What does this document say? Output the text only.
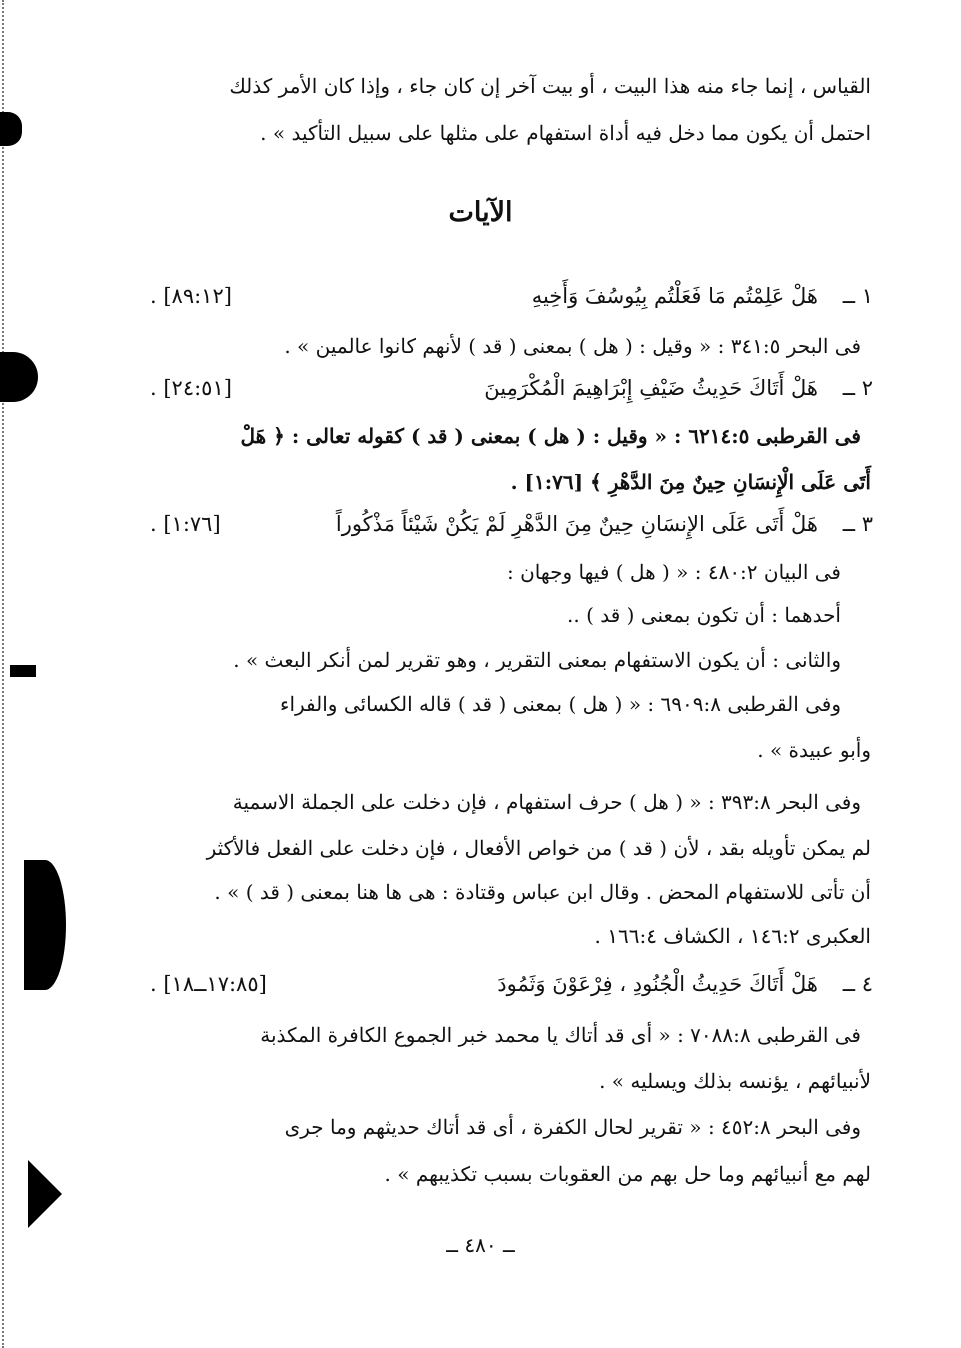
القياس ، إنما جاء منه هذا البيت ، أو بيت آخر إن كان جاء ، وإذا كان الأمر كذلك
احتمل أن يكون مما دخل فيه أداة استفهام على مثلها على سبيل التأكيد » .
الآيات
١ ــ
هَلْ عَلِمْتُم مَا فَعَلْتُم بِيُوسُفَ وَأَخِيهِ
. [٨٩:١٢]
فى البحر ٣٤١:٥ : « وقيل : ( هل ) بمعنى ( قد ) لأنهم كانوا عالمين » .
٢ ــ
هَلْ أَتَاكَ حَدِيثُ ضَيْفِ إِبْرَاهِيمَ الْمُكْرَمِينَ
. [٢٤:٥١]
فى القرطبى ٦٢١٤:٥ : « وقيل : ( هل ) بمعنى ( قد ) كقوله تعالى : ﴿ هَلْ
أَتَى عَلَى الْإِنسَانِ حِينٌ مِنَ الدَّهْرِ ﴾ [١:٧٦] .
٣ ــ
هَلْ أَتَى عَلَى الإِنسَانِ حِينٌ مِنَ الدَّهْرِ لَمْ يَكُنْ شَيْئاً مَذْكُوراً
. [١:٧٦]
فى البيان ٤٨٠:٢ : « ( هل ) فيها وجهان :
أحدهما : أن تكون بمعنى ( قد ) ..
والثانى : أن يكون الاستفهام بمعنى التقرير ، وهو تقرير لمن أنكر البعث » .
وفى القرطبى ٦٩٠٩:٨ : « ( هل ) بمعنى ( قد ) قاله الكسائى والفراء
وأبو عبيدة » .
وفى البحر ٣٩٣:٨ : « ( هل ) حرف استفهام ، فإن دخلت على الجملة الاسمية
لم يمكن تأويله بقد ، لأن ( قد ) من خواص الأفعال ، فإن دخلت على الفعل فالأكثر
أن تأتى للاستفهام المحض . وقال ابن عباس وقتادة : هى ها هنا بمعنى ( قد ) » .
العكبرى ١٤٦:٢ ، الكشاف ١٦٦:٤ .
٤ ــ
هَلْ أَتَاكَ حَدِيثُ الْجُنُودِ ، فِرْعَوْنَ وَثَمُودَ
. [١٧:٨٥ــ١٨]
فى القرطبى ٧٠٨٨:٨ : « أى قد أتاك يا محمد خبر الجموع الكافرة المكذبة
لأنبيائهم ، يؤنسه بذلك ويسليه » .
وفى البحر ٤٥٢:٨ : « تقرير لحال الكفرة ، أى قد أتاك حديثهم وما جرى
لهم مع أنبيائهم وما حل بهم من العقوبات بسبب تكذيبهم » .
ــ ٤٨٠ ــ
